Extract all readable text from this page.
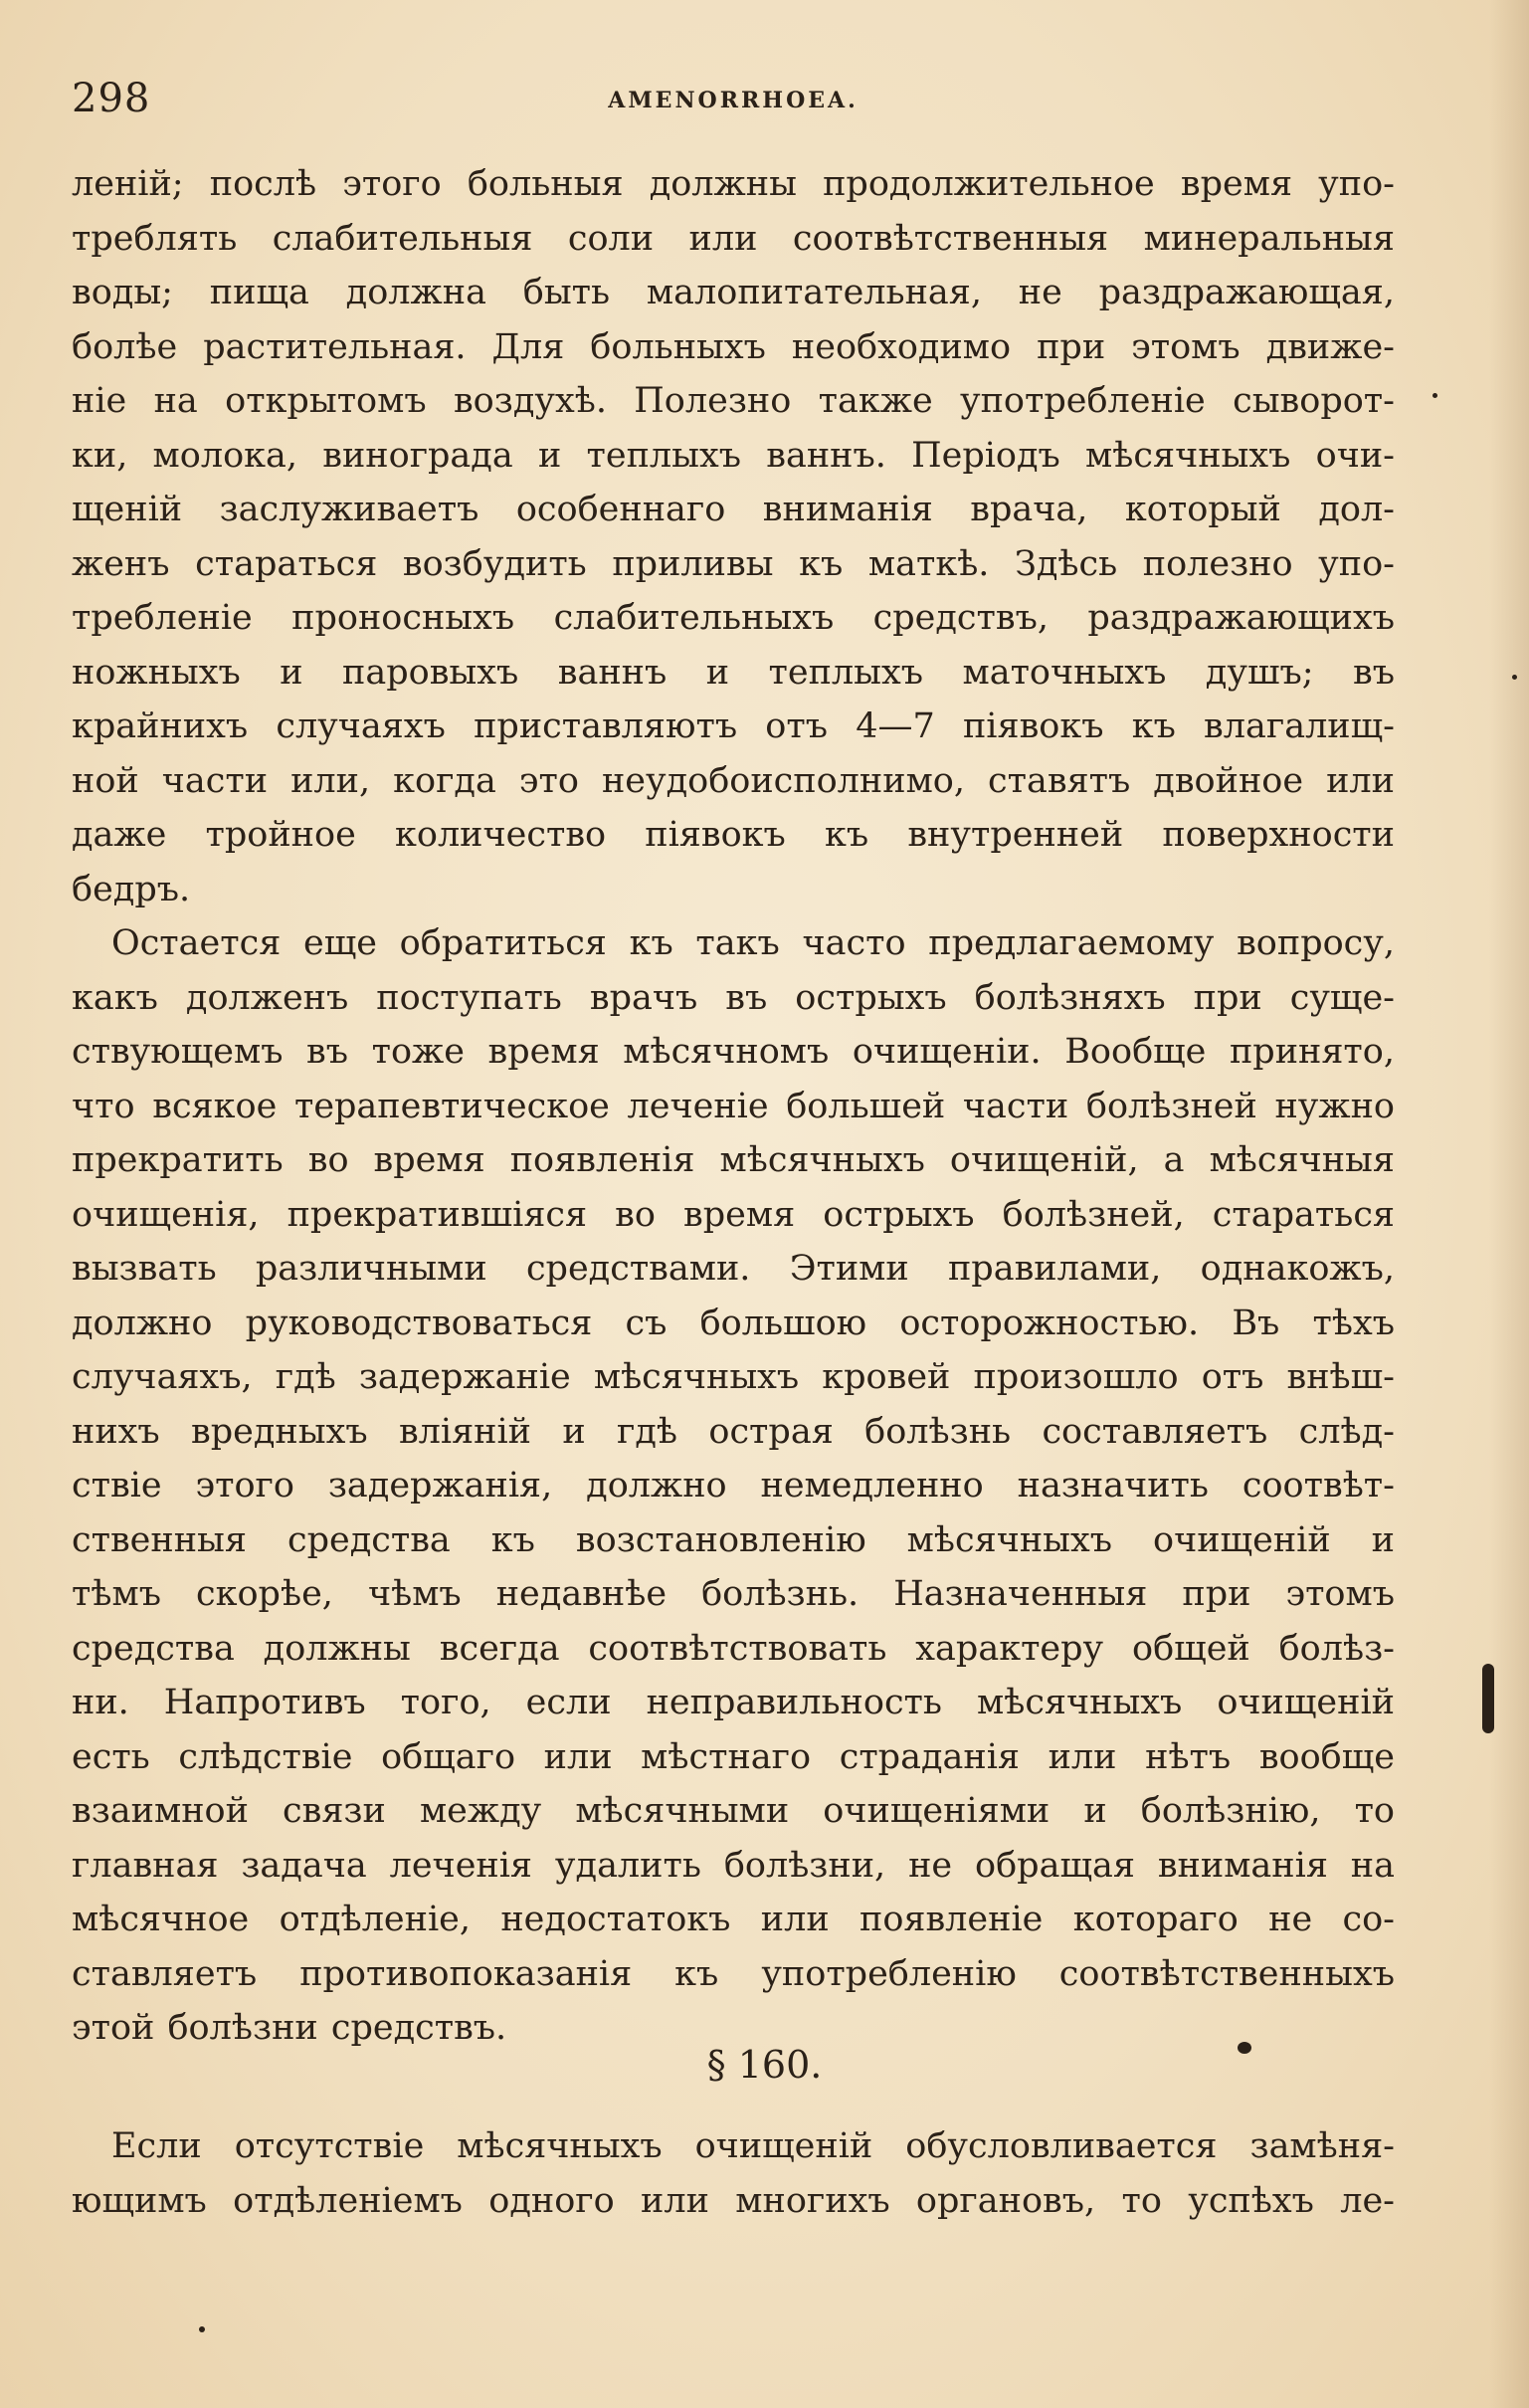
298	AMENORRHOEA.
леній; послѣ этого больныя должны продолжительное время упо-
треблять слабительныя соли или соотвѣтственныя минеральныя
воды; пища должна быть малопитательная, не раздражающая,
болѣе растительная. Для больныхъ необходимо при этомъ движе-
ніе на открытомъ воздухѣ. Полезно также употребленіе сыворот-
ки, молока, винограда и теплыхъ ваннъ. Періодъ мѣсячныхъ очи-
щеній заслуживаетъ особеннаго вниманія врача, который дол-
женъ стараться возбудить приливы къ маткѣ. Здѣсь полезно упо-
требленіе проносныхъ слабительныхъ средствъ, раздражающихъ
ножныхъ и паровыхъ ваннъ и теплыхъ маточныхъ душъ; въ
крайнихъ случаяхъ приставляютъ отъ 4—7 піявокъ къ влагалищ-
ной части или, когда это неудобоисполнимо, ставятъ двойное или
даже тройное количество піявокъ къ внутренней поверхности
бедръ.
Остается еще обратиться къ такъ часто предлагаемому вопросу,
какъ долженъ поступать врачъ въ острыхъ болѣзняхъ при суще-
ствующемъ въ тоже время мѣсячномъ очищеніи. Вообще принято,
что всякое терапевтическое леченіе большей части болѣзней нужно
прекратить во время появленія мѣсячныхъ очищеній, а мѣсячныя
очищенія, прекратившіяся во время острыхъ болѣзней, стараться
вызвать различными средствами. Этими правилами, однакожъ,
должно руководствоваться съ большою осторожностью. Въ тѣхъ
случаяхъ, гдѣ задержаніе мѣсячныхъ кровей произошло отъ внѣш-
нихъ вредныхъ вліяній и гдѣ острая болѣзнь составляетъ слѣд-
ствіе этого задержанія, должно немедленно назначить соотвѣт-
ственныя средства къ возстановленію мѣсячныхъ очищеній и
тѣмъ скорѣе, чѣмъ недавнѣе болѣзнь. Назначенныя при этомъ
средства должны всегда соотвѣтствовать характеру общей болѣз-
ни. Напротивъ того, если неправильность мѣсячныхъ очищеній
есть слѣдствіе общаго или мѣстнаго страданія или нѣтъ вообще
взаимной связи между мѣсячными очищеніями и болѣзнію, то
главная задача леченія удалить болѣзни, не обращая вниманія на
мѣсячное отдѣленіе, недостатокъ или появленіе котораго не со-
ставляетъ противопоказанія къ употребленію соотвѣтственныхъ
этой болѣзни средствъ.
§ 160.
Если отсутствіе мѣсячныхъ очищеній обусловливается замѣня-
ющимъ отдѣленіемъ одного или многихъ органовъ, то успѣхъ ле-
